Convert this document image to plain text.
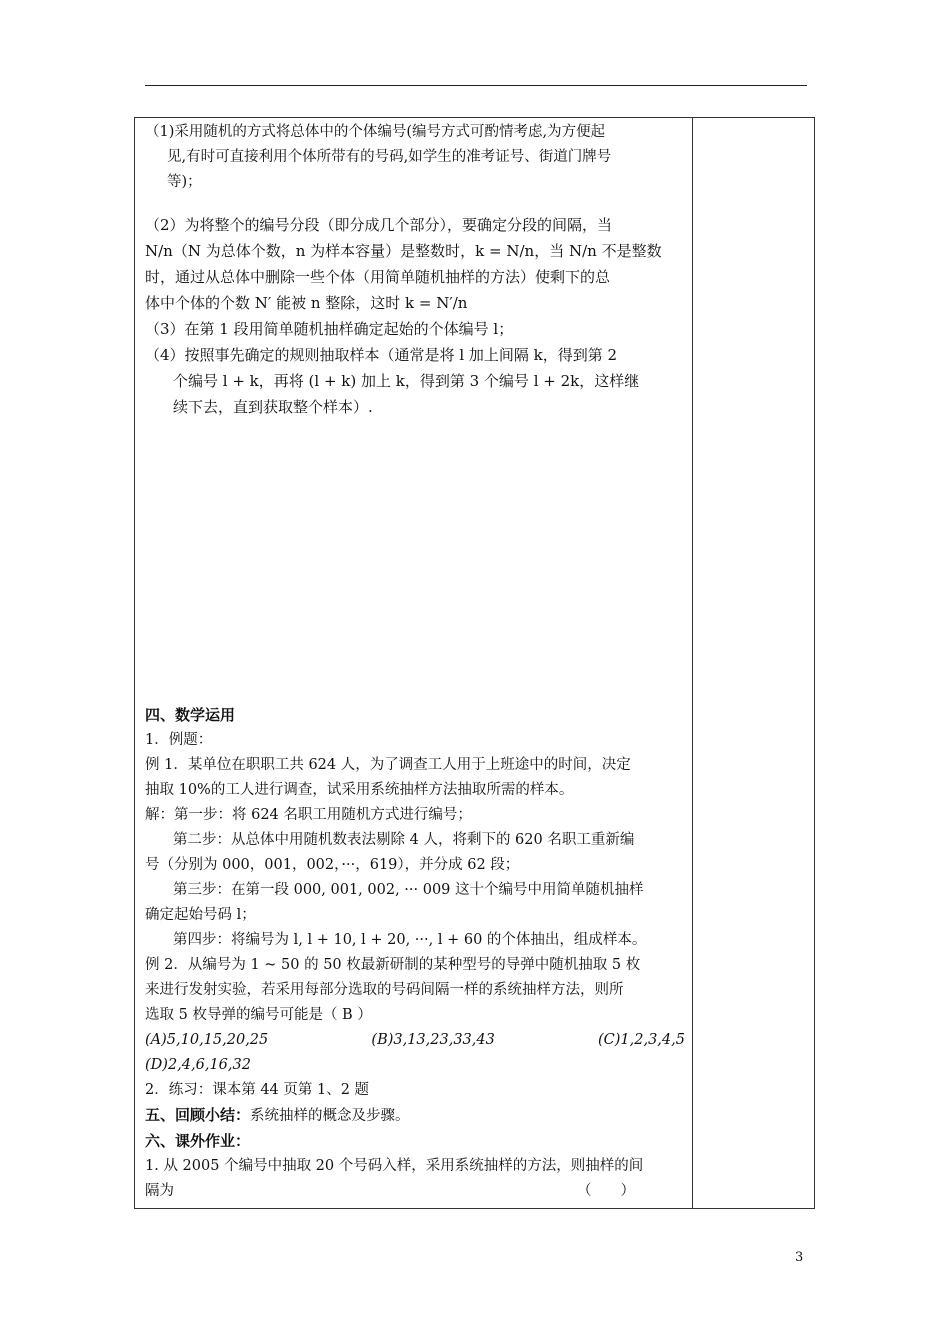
（1)采用随机的方式将总体中的个体编号(编号方式可酌情考虑,为方便起

见,有时可直接利用个体所带有的号码,如学生的准考证号、街道门牌号

等)；

（2）为将整个的编号分段（即分成几个部分），要确定分段的间隔，当

N/n（N 为总体个数，n 为样本容量）是整数时，k = N/n，当 N/n 不是整数

时，通过从总体中删除一些个体（用简单随机抽样的方法）使剩下的总

体中个体的个数 N′ 能被 n 整除，这时 k = N′/n

（3）在第 1 段用简单随机抽样确定起始的个体编号 l；

（4）按照事先确定的规则抽取样本（通常是将 l 加上间隔 k，得到第 2

个编号 l + k，再将 (l + k) 加上 k，得到第 3 个编号 l + 2k，这样继

续下去，直到获取整个样本）.

四、数学运用

1．例题：

例 1．某单位在职职工共 624 人，为了调查工人用于上班途中的时间，决定

抽取 10%的工人进行调查，试采用系统抽样方法抽取所需的样本。

解：第一步：将 624 名职工用随机方式进行编号；

第二步：从总体中用随机数表法剔除 4 人，将剩下的 620 名职工重新编

号（分别为 000，001，002，···，619），并分成 62 段；

第三步：在第一段 000, 001, 002, ··· 009 这十个编号中用简单随机抽样

确定起始号码 l；

第四步：将编号为 l, l + 10, l + 20, ···, l + 60 的个体抽出，组成样本。

例 2．从编号为 1 ~ 50 的 50 枚最新研制的某种型号的导弹中随机抽取 5 枚

来进行发射实验，若采用每部分选取的号码间隔一样的系统抽样方法，则所

选取 5 枚导弹的编号可能是（ B ）

(A)5,10,15,20,25	(B)3,13,23,33,43	(C)1,2,3,4,5

(D)2,4,6,16,32

2．练习：课本第 44 页第 1、2 题

五、回顾小结：系统抽样的概念及步骤。

六、课外作业：

1. 从 2005 个编号中抽取 20 个号码入样，采用系统抽样的方法，则抽样的间

隔为	（　　）
3
